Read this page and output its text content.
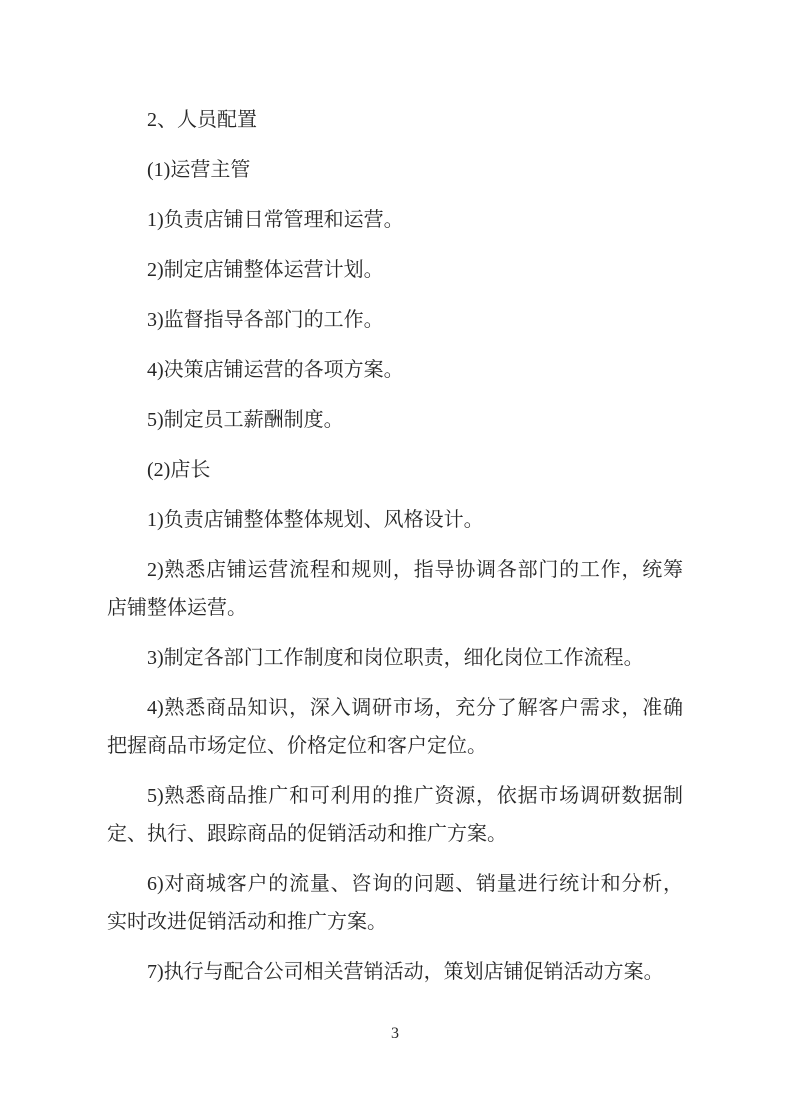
2、人员配置

(1)运营主管

1)负责店铺日常管理和运营。

2)制定店铺整体运营计划。

3)监督指导各部门的工作。

4)决策店铺运营的各项方案。

5)制定员工薪酬制度。

(2)店长

1)负责店铺整体整体规划、风格设计。

2)熟悉店铺运营流程和规则，指导协调各部门的工作，统筹店铺整体运营。

3)制定各部门工作制度和岗位职责，细化岗位工作流程。

4)熟悉商品知识，深入调研市场，充分了解客户需求，准确把握商品市场定位、价格定位和客户定位。

5)熟悉商品推广和可利用的推广资源，依据市场调研数据制定、执行、跟踪商品的促销活动和推广方案。

6)对商城客户的流量、咨询的问题、销量进行统计和分析，实时改进促销活动和推广方案。

7)执行与配合公司相关营销活动，策划店铺促销活动方案。

3
